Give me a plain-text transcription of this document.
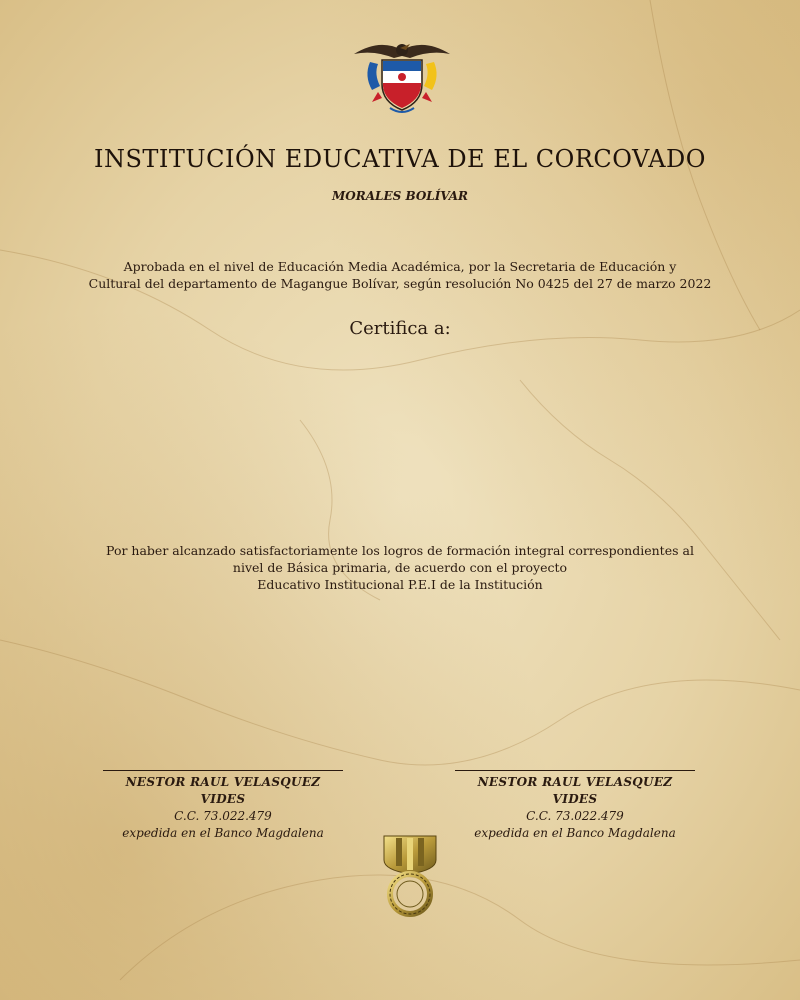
INSTITUCIÓN EDUCATIVA DE EL CORCOVADO
MORALES BOLÍVAR
Aprobada en el nivel de Educación Media Académica, por la Secretaria de Educación y
Cultural del departamento de Magangue Bolívar, según resolución No 0425 del 27 de marzo 2022
Certifica a:
Por haber alcanzado satisfactoriamente los logros de formación integral correspondientes al
nivel de Básica primaria, de acuerdo con el proyecto
Educativo Institucional P.E.I de la Institución
NESTOR RAUL VELASQUEZ VIDES
C.C. 73.022.479
expedida en el Banco Magdalena
NESTOR RAUL VELASQUEZ VIDES
C.C. 73.022.479
expedida en el Banco Magdalena
